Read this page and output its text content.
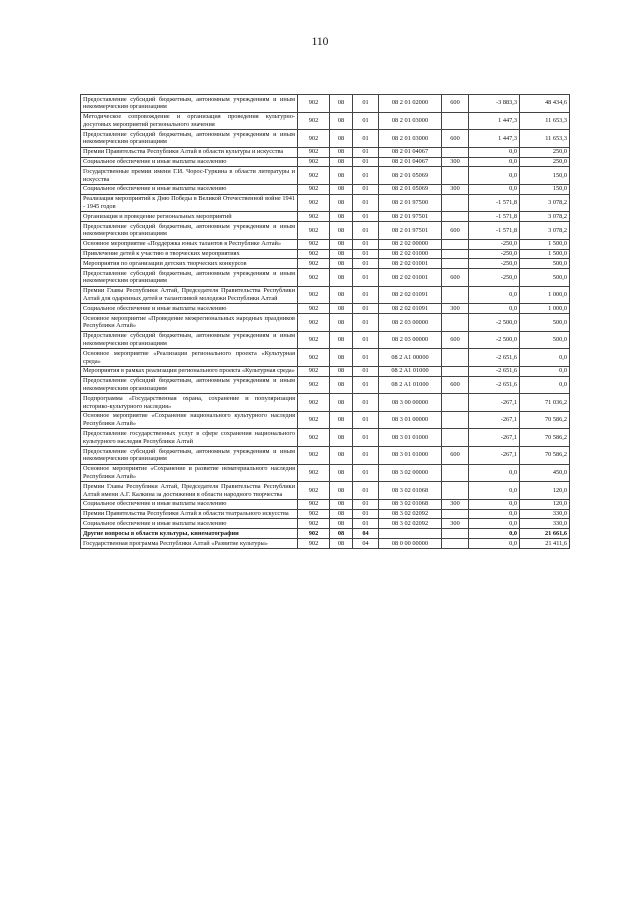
110
Предоставление субсидий бюджетным, автономным учреждениям и иным некоммерческим организациям	902	08	01	08 2 01 02000	600	-3 883,3	48 434,6
Методическое сопровождение и организация проведения культурно-досуговых мероприятий регионального значения	902	08	01	08 2 01 03000		1 447,3	11 653,3
Предоставление субсидий бюджетным, автономным учреждениям и иным некоммерческим организациям	902	08	01	08 2 01 03000	600	1 447,3	11 653,3
Премии Правительства Республики Алтай в области культуры и искусства	902	08	01	08 2 01 04067		0,0	250,0
Социальное обеспечение и иные выплаты населению	902	08	01	08 2 01 04067	300	0,0	250,0
Государственные премии имени Г.И. Чорос-Гуркина в области литературы и искусства	902	08	01	08 2 01 05069		0,0	150,0
Социальное обеспечение и иные выплаты населению	902	08	01	08 2 01 05069	300	0,0	150,0
Реализация мероприятий к Дню Победы в Великой Отечественной войне 1941 - 1945 годов	902	08	01	08 2 01 97500		-1 571,8	3 078,2
Организация и проведение региональных мероприятий	902	08	01	08 2 01 97501		-1 571,8	3 078,2
Предоставление субсидий бюджетным, автономным учреждениям и иным некоммерческим организациям	902	08	01	08 2 01 97501	600	-1 571,8	3 078,2
Основное мероприятие «Поддержка юных талантов в Республике Алтай»	902	08	01	08 2 02 00000		-250,0	1 500,0
Привлечение детей к участию в творческих мероприятиях	902	08	01	08 2 02 01000		-250,0	1 500,0
Мероприятия по организации детских творческих конкурсов	902	08	01	08 2 02 01001		-250,0	500,0
Предоставление субсидий бюджетным, автономным учреждениям и иным некоммерческим организациям	902	08	01	08 2 02 01001	600	-250,0	500,0
Премии Главы Республики Алтай, Председателя Правительства Республики Алтай для одаренных детей и талантливой молодежи Республики Алтай	902	08	01	08 2 02 01091		0,0	1 000,0
Социальное обеспечение и иные выплаты населению	902	08	01	08 2 02 01091	300	0,0	1 000,0
Основное мероприятие «Проведение межрегиональных народных праздников Республики Алтай»	902	08	01	08 2 03 00000		-2 500,0	500,0
Предоставление субсидий бюджетным, автономным учреждениям и иным некоммерческим организациям	902	08	01	08 2 03 00000	600	-2 500,0	500,0
Основное мероприятие «Реализация регионального проекта «Культурная среда»	902	08	01	08 2 A1 00000		-2 651,6	0,0
Мероприятия в рамках реализации регионального проекта «Культурная среда»	902	08	01	08 2 A1 01000		-2 651,6	0,0
Предоставление субсидий бюджетным, автономным учреждениям и иным некоммерческим организациям	902	08	01	08 2 A1 01000	600	-2 651,6	0,0
Подпрограмма «Государственная охрана, сохранение и популяризация историко-культурного наследия»	902	08	01	08 3 00 00000		-267,1	71 036,2
Основное мероприятие «Сохранение национального культурного наследия Республики Алтай»	902	08	01	08 3 01 00000		-267,1	70 586,2
Предоставление государственных услуг в сфере сохранения национального культурного наследия Республики Алтай	902	08	01	08 3 01 01000		-267,1	70 586,2
Предоставление субсидий бюджетным, автономным учреждениям и иным некоммерческим организациям	902	08	01	08 3 01 01000	600	-267,1	70 586,2
Основное мероприятие «Сохранение и развитие нематериального наследия Республики Алтай»	902	08	01	08 3 02 00000		0,0	450,0
Премии Главы Республики Алтай, Председателя Правительства Республики Алтай имени А.Г. Калкина за достижения в области народного творчества	902	08	01	08 3 02 01068		0,0	120,0
Социальное обеспечение и иные выплаты населению	902	08	01	08 3 02 01068	300	0,0	120,0
Премии Правительства Республики Алтай в области театрального искусства	902	08	01	08 3 02 02092		0,0	330,0
Социальное обеспечение и иные выплаты населению	902	08	01	08 3 02 02092	300	0,0	330,0
Другие вопросы в области культуры, кинематографии	902	08	04			0,0	21 661,6
Государственная программа Республики Алтай «Развитие культуры»	902	08	04	08 0 00 00000		0,0	21 411,6
